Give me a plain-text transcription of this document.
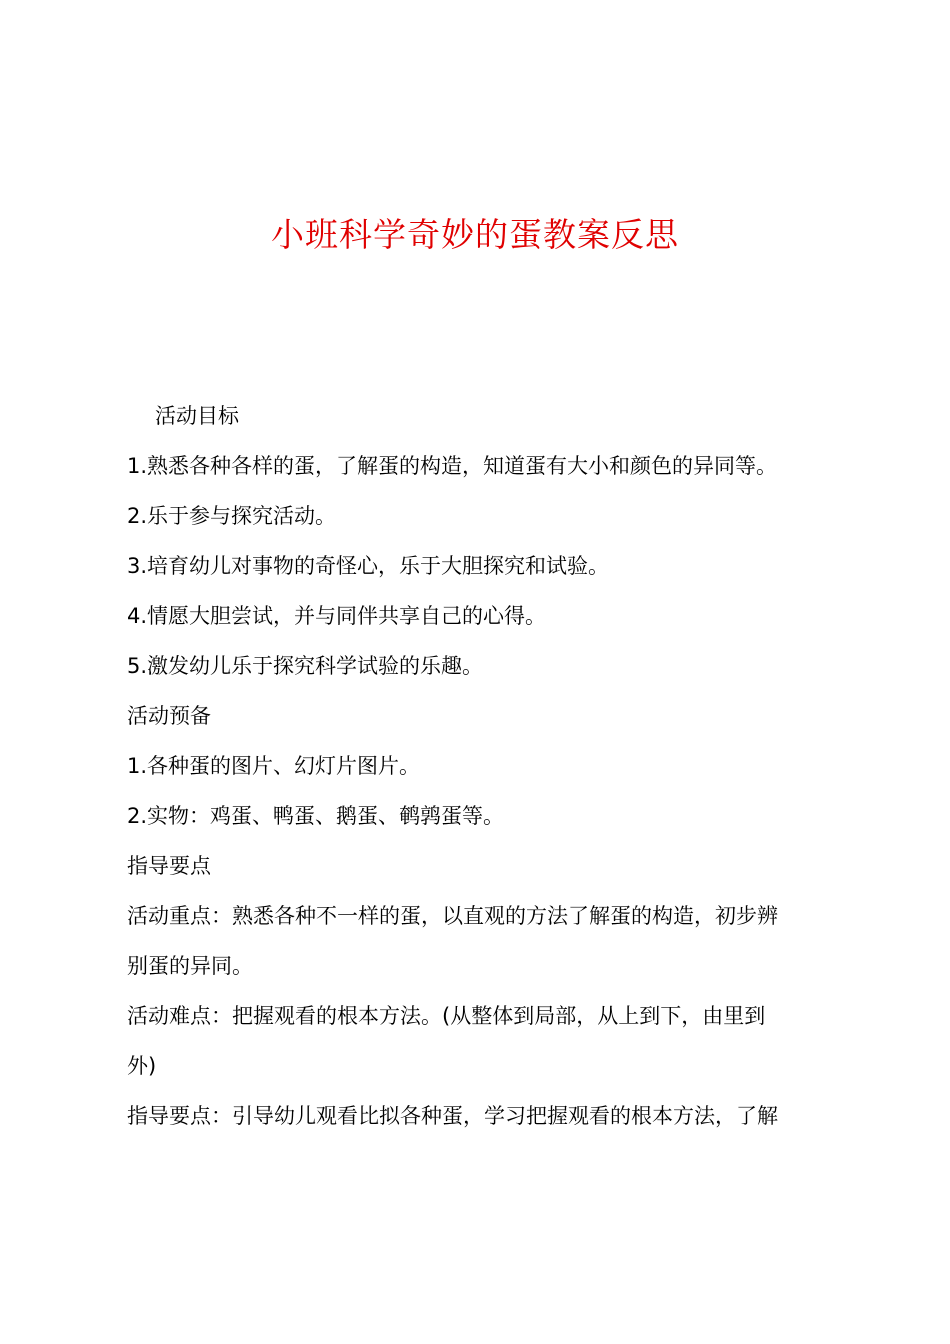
小班科学奇妙的蛋教案反思

活动目标

1.熟悉各种各样的蛋，了解蛋的构造，知道蛋有大小和颜色的异同等。

2.乐于参与探究活动。

3.培育幼儿对事物的奇怪心，乐于大胆探究和试验。

4.情愿大胆尝试，并与同伴共享自己的心得。

5.激发幼儿乐于探究科学试验的乐趣。

活动预备

1.各种蛋的图片、幻灯片图片。

2.实物：鸡蛋、鸭蛋、鹅蛋、鹌鹑蛋等。

指导要点

活动重点：熟悉各种不一样的蛋，以直观的方法了解蛋的构造，初步辨

别蛋的异同。

活动难点：把握观看的根本方法。(从整体到局部，从上到下，由里到

外)

指导要点：引导幼儿观看比拟各种蛋，学习把握观看的根本方法，了解
